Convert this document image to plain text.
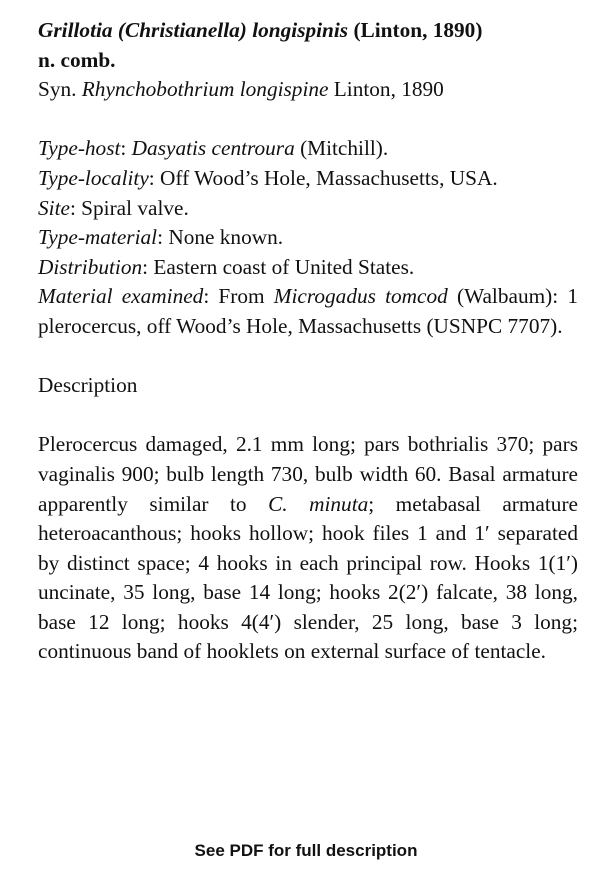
Grillotia (Christianella) longispinis (Linton, 1890)
n. comb.

Syn. Rhynchobothrium longispine Linton, 1890

Type-host: Dasyatis centroura (Mitchill).

Type-locality: Off Wood’s Hole, Massachusetts, USA.

Site: Spiral valve.

Type-material: None known.

Distribution: Eastern coast of United States.

Material examined: From Microgadus tomcod (Walbaum): 1 plerocercus, off Wood’s Hole, Massachusetts (USNPC 7707).

Description

Plerocercus damaged, 2.1 mm long; pars bothrialis 370; pars vaginalis 900; bulb length 730, bulb width 60. Basal armature apparently similar to C. minuta; metabasal armature heteroacanthous; hooks hollow; hook files 1 and 1′ separated by distinct space; 4 hooks in each principal row. Hooks 1(1′) uncinate, 35 long, base 14 long; hooks 2(2′) falcate, 38 long, base 12 long; hooks 4(4′) slender, 25 long, base 3 long; continuous band of hooklets on external surface of tentacle.

See PDF for full description
